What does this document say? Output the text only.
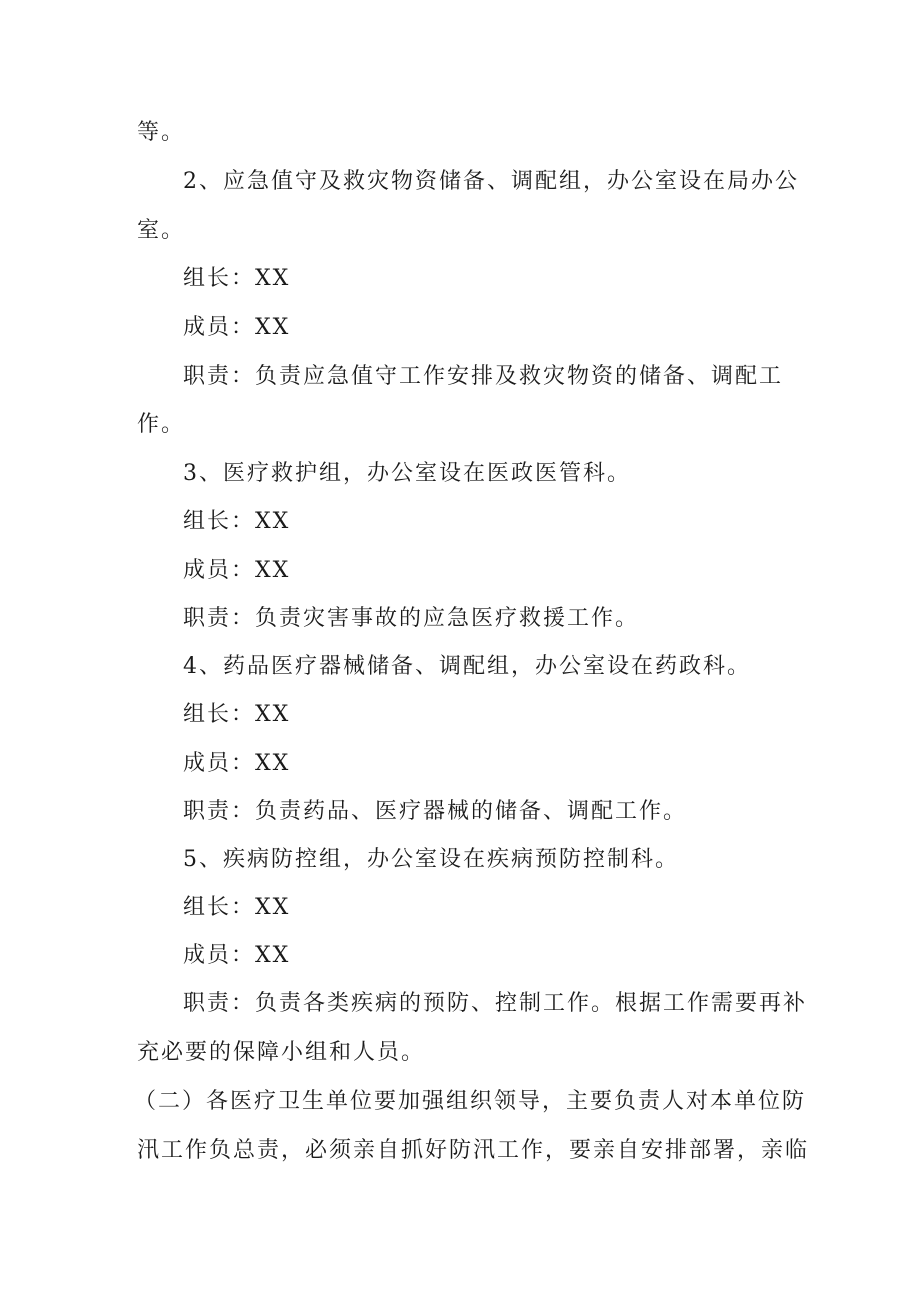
等。
2、应急值守及救灾物资储备、调配组，办公室设在局办公
室。
组长：XX
成员：XX
职责：负责应急值守工作安排及救灾物资的储备、调配工
作。
3、医疗救护组，办公室设在医政医管科。
组长：XX
成员：XX
职责：负责灾害事故的应急医疗救援工作。
4、药品医疗器械储备、调配组，办公室设在药政科。
组长：XX
成员：XX
职责：负责药品、医疗器械的储备、调配工作。
5、疾病防控组，办公室设在疾病预防控制科。
组长：XX
成员：XX
职责：负责各类疾病的预防、控制工作。根据工作需要再补
充必要的保障小组和人员。
（二）各医疗卫生单位要加强组织领导，主要负责人对本单位防
汛工作负总责，必须亲自抓好防汛工作，要亲自安排部署，亲临
